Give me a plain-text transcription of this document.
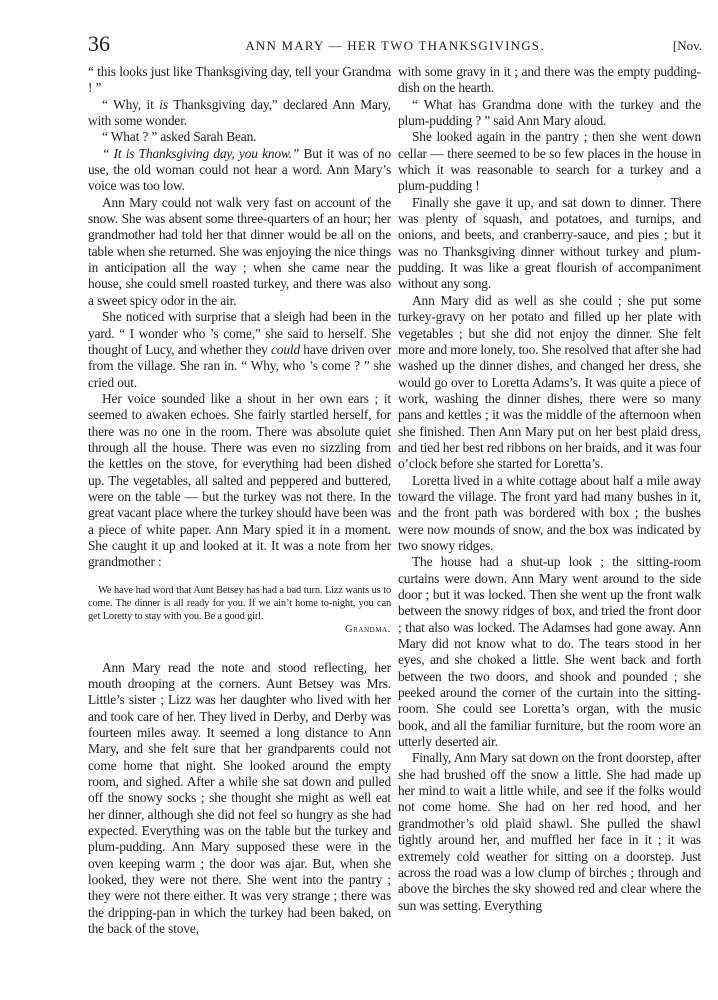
36	ANN MARY — HER TWO THANKSGIVINGS.	[Nov.

“ this looks just like Thanksgiving day, tell your Grandma ! ”

“ Why, it is Thanksgiving day,” declared Ann Mary, with some wonder.

“ What ? ” asked Sarah Bean.

“ It is Thanksgiving day, you know.” But it was of no use, the old woman could not hear a word. Ann Mary’s voice was too low.

Ann Mary could not walk very fast on account of the snow. She was absent some three-quarters of an hour; her grandmother had told her that dinner would be all on the table when she returned. She was enjoying the nice things in anticipation all the way ; when she came near the house, she could smell roasted turkey, and there was also a sweet spicy odor in the air.

She noticed with surprise that a sleigh had been in the yard. “ I wonder who ’s come,” she said to herself. She thought of Lucy, and whether they could have driven over from the village. She ran in. “ Why, who ’s come ? ” she cried out.

Her voice sounded like a shout in her own ears ; it seemed to awaken echoes. She fairly startled herself, for there was no one in the room. There was absolute quiet through all the house. There was even no sizzling from the kettles on the stove, for everything had been dished up. The vegetables, all salted and peppered and buttered, were on the table — but the turkey was not there. In the great vacant place where the turkey should have been was a piece of white paper. Ann Mary spied it in a moment. She caught it up and looked at it. It was a note from her grandmother :

We have had word that Aunt Betsey has had a bad turn. Lizz wants us to come. The dinner is all ready for you. If we ain’t home to-night, you can get Loretty to stay with you. Be a good girl.
Grandma.

Ann Mary read the note and stood reflecting, her mouth drooping at the corners. Aunt Betsey was Mrs. Little’s sister ; Lizz was her daughter who lived with her and took care of her. They lived in Derby, and Derby was fourteen miles away. It seemed a long distance to Ann Mary, and she felt sure that her grandparents could not come home that night. She looked around the empty room, and sighed. After a while she sat down and pulled off the snowy socks ; she thought she might as well eat her dinner, although she did not feel so hungry as she had expected. Everything was on the table but the turkey and plum-pudding. Ann Mary supposed these were in the oven keeping warm ; the door was ajar. But, when she looked, they were not there. She went into the pantry ; they were not there either. It was very strange ; there was the dripping-pan in which the turkey had been baked, on the back of the stove,

with some gravy in it ; and there was the empty pudding-dish on the hearth.

“ What has Grandma done with the turkey and the plum-pudding ? ” said Ann Mary aloud.

She looked again in the pantry ; then she went down cellar — there seemed to be so few places in the house in which it was reasonable to search for a turkey and a plum-pudding !

Finally she gave it up, and sat down to dinner. There was plenty of squash, and potatoes, and turnips, and onions, and beets, and cranberry-sauce, and pies ; but it was no Thanksgiving dinner without turkey and plum-pudding. It was like a great flourish of accompaniment without any song.

Ann Mary did as well as she could ; she put some turkey-gravy on her potato and filled up her plate with vegetables ; but she did not enjoy the dinner. She felt more and more lonely, too. She resolved that after she had washed up the dinner dishes, and changed her dress, she would go over to Loretta Adams’s. It was quite a piece of work, washing the dinner dishes, there were so many pans and kettles ; it was the middle of the afternoon when she finished. Then Ann Mary put on her best plaid dress, and tied her best red ribbons on her braids, and it was four o’clock before she started for Loretta’s.

Loretta lived in a white cottage about half a mile away toward the village. The front yard had many bushes in it, and the front path was bordered with box ; the bushes were now mounds of snow, and the box was indicated by two snowy ridges.

The house had a shut-up look ; the sitting-room curtains were down. Ann Mary went around to the side door ; but it was locked. Then she went up the front walk between the snowy ridges of box, and tried the front door ; that also was locked. The Adamses had gone away. Ann Mary did not know what to do. The tears stood in her eyes, and she choked a little. She went back and forth between the two doors, and shook and pounded ; she peeked around the corner of the curtain into the sitting-room. She could see Loretta’s organ, with the music book, and all the familiar furniture, but the room wore an utterly deserted air.

Finally, Ann Mary sat down on the front doorstep, after she had brushed off the snow a little. She had made up her mind to wait a little while, and see if the folks would not come home. She had on her red hood, and her grandmother’s old plaid shawl. She pulled the shawl tightly around her, and muffled her face in it ; it was extremely cold weather for sitting on a doorstep. Just across the road was a low clump of birches ; through and above the birches the sky showed red and clear where the sun was setting. Everything
